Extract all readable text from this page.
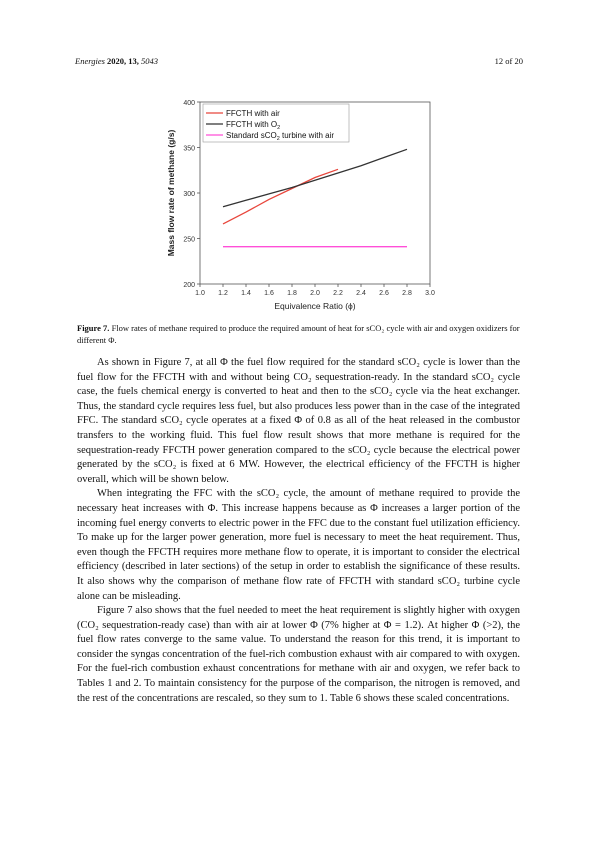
Energies 2020, 13, 5043	12 of 20
200
250
300
350
400
1.0 1.2 1.4 1.6 1.8 2.0 2.2 2.4 2.6 2.8 3.0
Equivalence Ratio (ϕ)
Mass flow rate of methane (g/s)
FFCTH with air
FFCTH with $O_2$
Standard sCO$_2$ turbine with air
Figure 7. Flow rates of methane required to produce the required amount of heat for sCO₂ cycle with air and oxygen oxidizers for different Φ.

As shown in Figure 7, at all Φ the fuel flow required for the standard sCO₂ cycle is lower than the fuel flow for the FFCTH with and without being CO₂ sequestration-ready. In the standard sCO₂ cycle case, the fuels chemical energy is converted to heat and then to the sCO₂ cycle via the heat exchanger. Thus, the standard cycle requires less fuel, but also produces less power than in the case of the integrated FFC. The standard sCO₂ cycle operates at a fixed Φ of 0.8 as all of the heat released in the combustor transfers to the working fluid. This fuel flow result shows that more methane is required for the sequestration-ready FFCTH power generation compared to the sCO₂ cycle because the electrical power generated by the sCO₂ is fixed at 6 MW. However, the electrical efficiency of the FFCTH is higher overall, which will be shown below.

When integrating the FFC with the sCO₂ cycle, the amount of methane required to provide the necessary heat increases with Φ. This increase happens because as Φ increases a larger portion of the incoming fuel energy converts to electric power in the FFC due to the constant fuel utilization efficiency. To make up for the larger power generation, more fuel is necessary to meet the heat requirement. Thus, even though the FFCTH requires more methane flow to operate, it is important to consider the electrical efficiency (described in later sections) of the setup in order to establish the significance of these results. It also shows why the comparison of methane flow rate of FFCTH with standard sCO₂ turbine cycle alone can be misleading.

Figure 7 also shows that the fuel needed to meet the heat requirement is slightly higher with oxygen (CO₂ sequestration-ready case) than with air at lower Φ (7% higher at Φ = 1.2). At higher Φ (>2), the fuel flow rates converge to the same value. To understand the reason for this trend, it is important to consider the syngas concentration of the fuel-rich combustion exhaust with air compared to with oxygen. For the fuel-rich combustion exhaust concentrations for methane with air and oxygen, we refer back to Tables 1 and 2. To maintain consistency for the purpose of the comparison, the nitrogen is removed, and the rest of the concentrations are rescaled, so they sum to 1. Table 6 shows these scaled concentrations.
